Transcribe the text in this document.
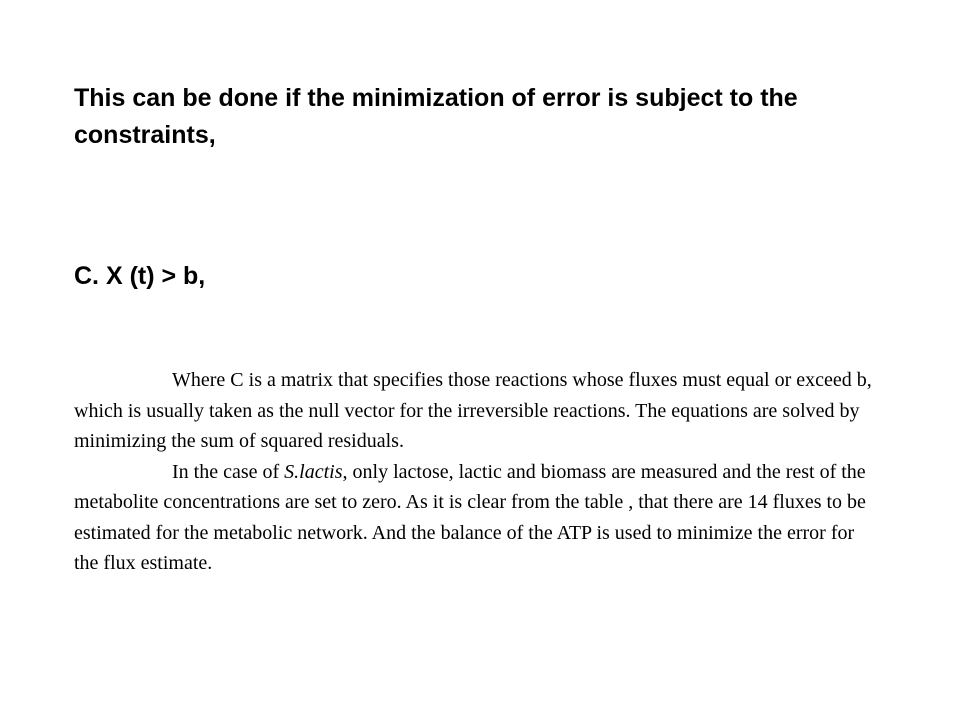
This can be done if the minimization of error is subject to the constraints,
C. X (t) > b,

Where C is a matrix that specifies those reactions whose fluxes must equal or exceed b, which is usually taken as the null vector for the irreversible reactions. The equations are solved by minimizing the sum of squared residuals.

In the case of S.lactis, only lactose, lactic and biomass are measured and the rest of the metabolite concentrations are set to zero. As it is clear from the table , that there are 14 fluxes to be estimated for the metabolic network. And the balance of the ATP is used to minimize the error for the flux estimate.
